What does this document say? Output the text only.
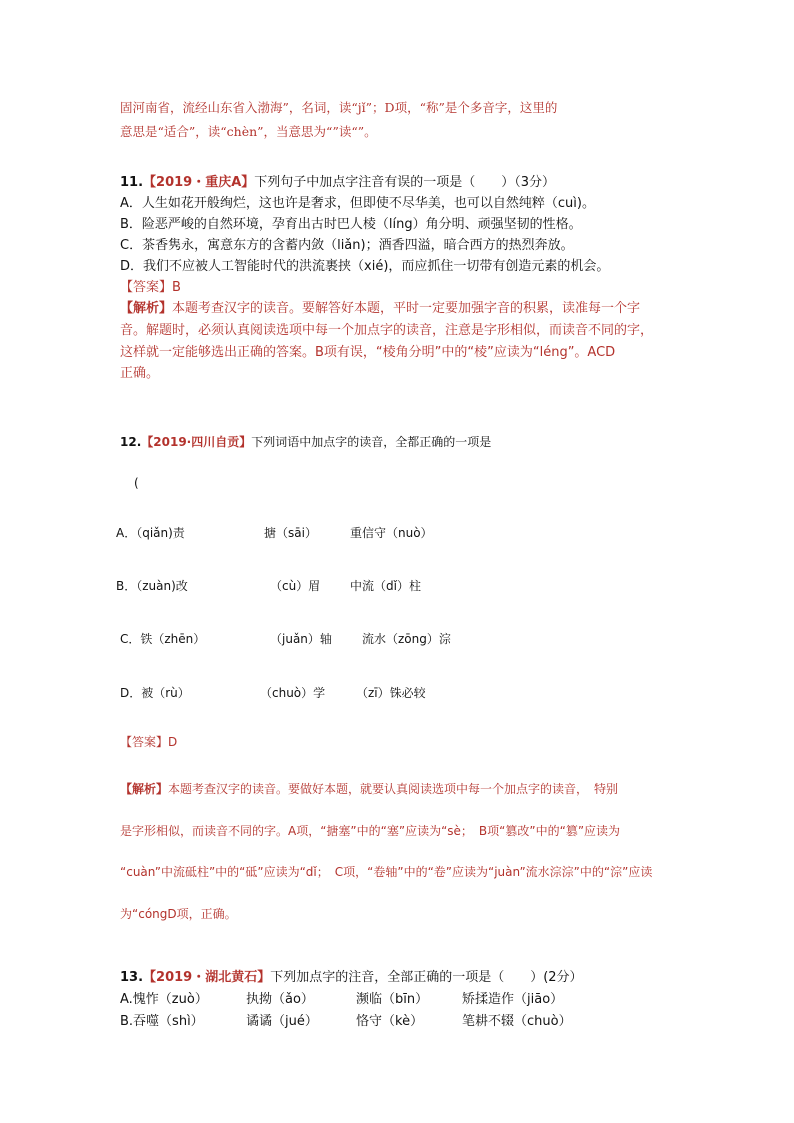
固河南省，流经山东省入渤海”，名词，读“jǐ”；D项，“称”是个多音字，这里的
意思是“适合”，读“chèn”，当意思为“”读“”。
11.【2019・重庆A】下列句子中加点字注音有误的一项是（　　）（3分）
A．人生如花开般绚烂，这也许是奢求，但即使不尽华美，也可以自然纯粹（cuì)。
B．险恶严峻的自然环境，孕育出古时巴人棱（líng）角分明、顽强坚韧的性格。
C．茶香隽永，寓意东方的含蓄内敛（liǎn)；酒香四溢，暗合西方的热烈奔放。
D．我们不应被人工智能时代的洪流裹挟（xié)，而应抓住一切带有创造元素的机会。
【答案】B
【解析】本题考查汉字的读音。要解答好本题，平时一定要加强字音的积累，读准每一个字
音。解题时，必须认真阅读选项中每一个加点字的读音，注意是字形相似，而读音不同的字，
这样就一定能够选出正确的答案。B项有误，“棱角分明”中的“棱”应读为“léng”。ACD
正确。
12.【2019·四川自贡】下列词语中加点字的读音，全都正确的一项是
(
A．（qiǎn)责	搪（sāi）	重信守（nuò）
B．（zuàn)改	（cù）眉 中流（dǐ）柱
C．铁（zhēn）	（juǎn）轴	流水（zōng）淙
D．被（rù）	（chuò）学	（zī）铢必较
【答案】D
【解析】本题考查汉字的读音。要做好本题，就要认真阅读选项中每一个加点字的读音，　特别
是字形相似，而读音不同的字。A项，“搪塞”中的“塞”应读为“sè；　B项“篡改”中的“篡”应读为
“cuàn”中流砥柱”中的“砥”应读为“dǐ；　C项，“卷轴”中的“卷”应读为“juàn”流水淙淙”中的“淙”应读
为“cóngD项，正确。
13.【2019・湖北黄石】下列加点字的注音，全部正确的一项是（　　）(2分）
A.愧怍（zuò）	执拗（ǎo）	濒临（bīn）	矫揉造作（jiāo）
B.吞噬（shì）	谲谲（jué）	恪守（kè）	笔耕不辍（chuò）
